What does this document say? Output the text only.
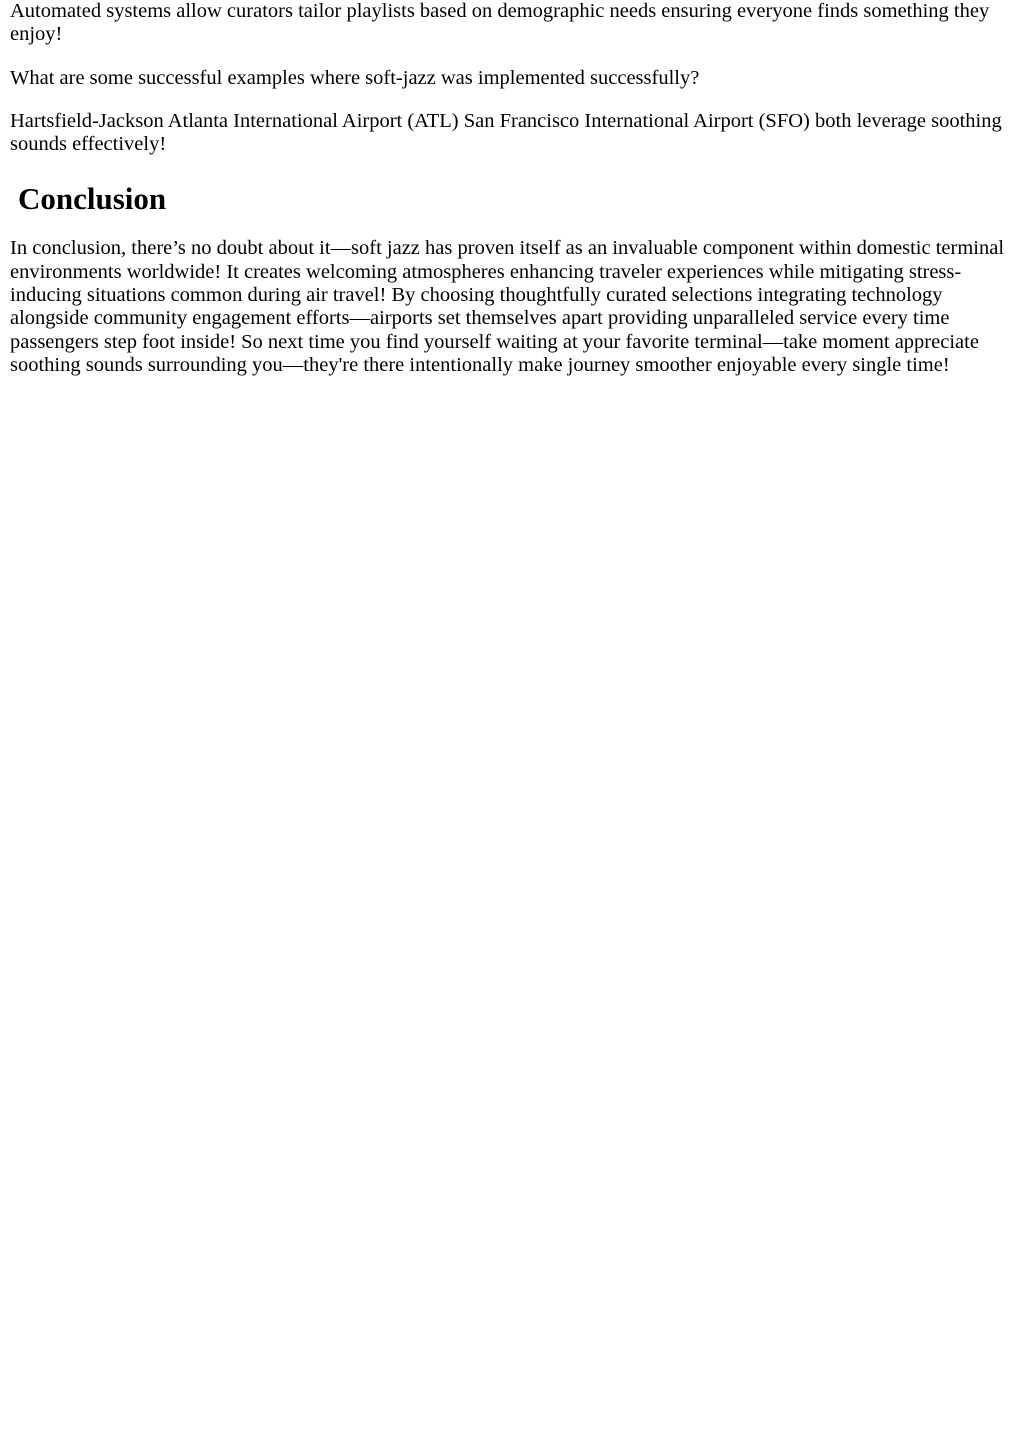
Automated systems allow curators tailor playlists based on demographic needs ensuring everyone finds something they enjoy!

What are some successful examples where soft-jazz was implemented successfully?

Hartsfield-Jackson Atlanta International Airport (ATL) San Francisco International Airport (SFO) both leverage soothing sounds effectively!

Conclusion

In conclusion, there’s no doubt about it—soft jazz has proven itself as an invaluable component within domestic terminal environments worldwide! It creates welcoming atmospheres enhancing traveler experiences while mitigating stress-inducing situations common during air travel! By choosing thoughtfully curated selections integrating technology alongside community engagement efforts—airports set themselves apart providing unparalleled service every time passengers step foot inside! So next time you find yourself waiting at your favorite terminal—take moment appreciate soothing sounds surrounding you—they're there intentionally make journey smoother enjoyable every single time!
